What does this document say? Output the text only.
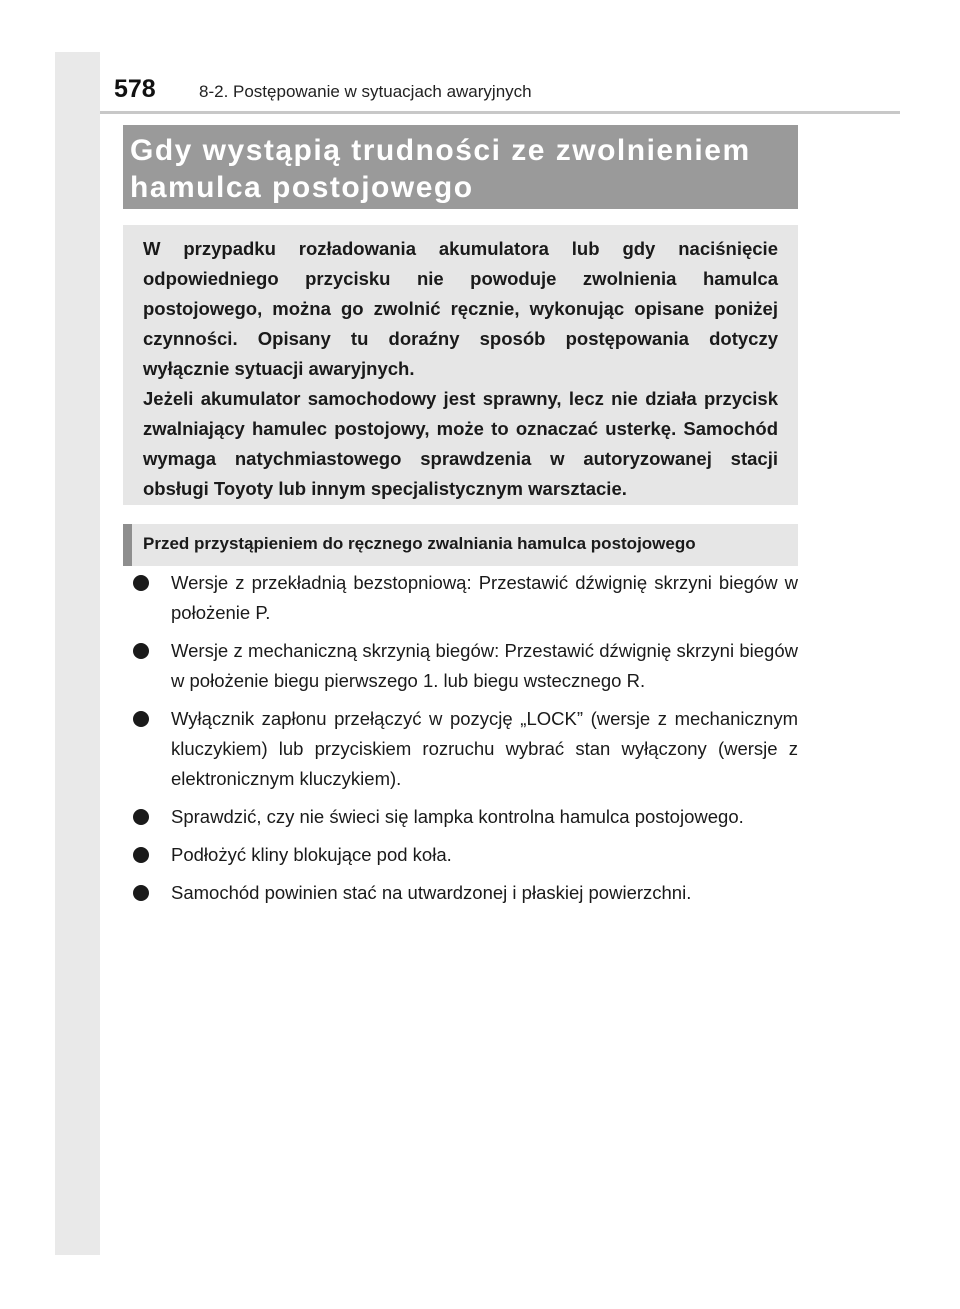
578	8-2. Postępowanie w sytuacjach awaryjnych

Gdy wystąpią trudności ze zwolnieniem

hamulca postojowego

W przypadku rozładowania akumulatora lub gdy naciśnięcie odpowiedniego przycisku nie powoduje zwolnienia hamulca postojowego, można go zwolnić ręcznie, wykonując opisane poniżej czynności. Opisany tu doraźny sposób postępowania dotyczy wyłącznie sytuacji awaryjnych.

Jeżeli akumulator samochodowy jest sprawny, lecz nie działa przycisk zwalniający hamulec postojowy, może to oznaczać usterkę. Samochód wymaga natychmiastowego sprawdzenia w autoryzowanej stacji obsługi Toyoty lub innym specjalistycznym warsztacie.

Przed przystąpieniem do ręcznego zwalniania hamulca postojowego
Wersje z przekładnią bezstopniową: Przestawić dźwignię skrzyni biegów w położenie P.
Wersje z mechaniczną skrzynią biegów: Przestawić dźwignię skrzyni biegów w położenie biegu pierwszego 1. lub biegu wstecznego R.
Wyłącznik zapłonu przełączyć w pozycję „LOCK” (wersje z mechanicznym kluczykiem) lub przyciskiem rozruchu wybrać stan wyłączony (wersje z elektronicznym kluczykiem).
Sprawdzić, czy nie świeci się lampka kontrolna hamulca postojowego.
Podłożyć kliny blokujące pod koła.
Samochód powinien stać na utwardzonej i płaskiej powierzchni.
